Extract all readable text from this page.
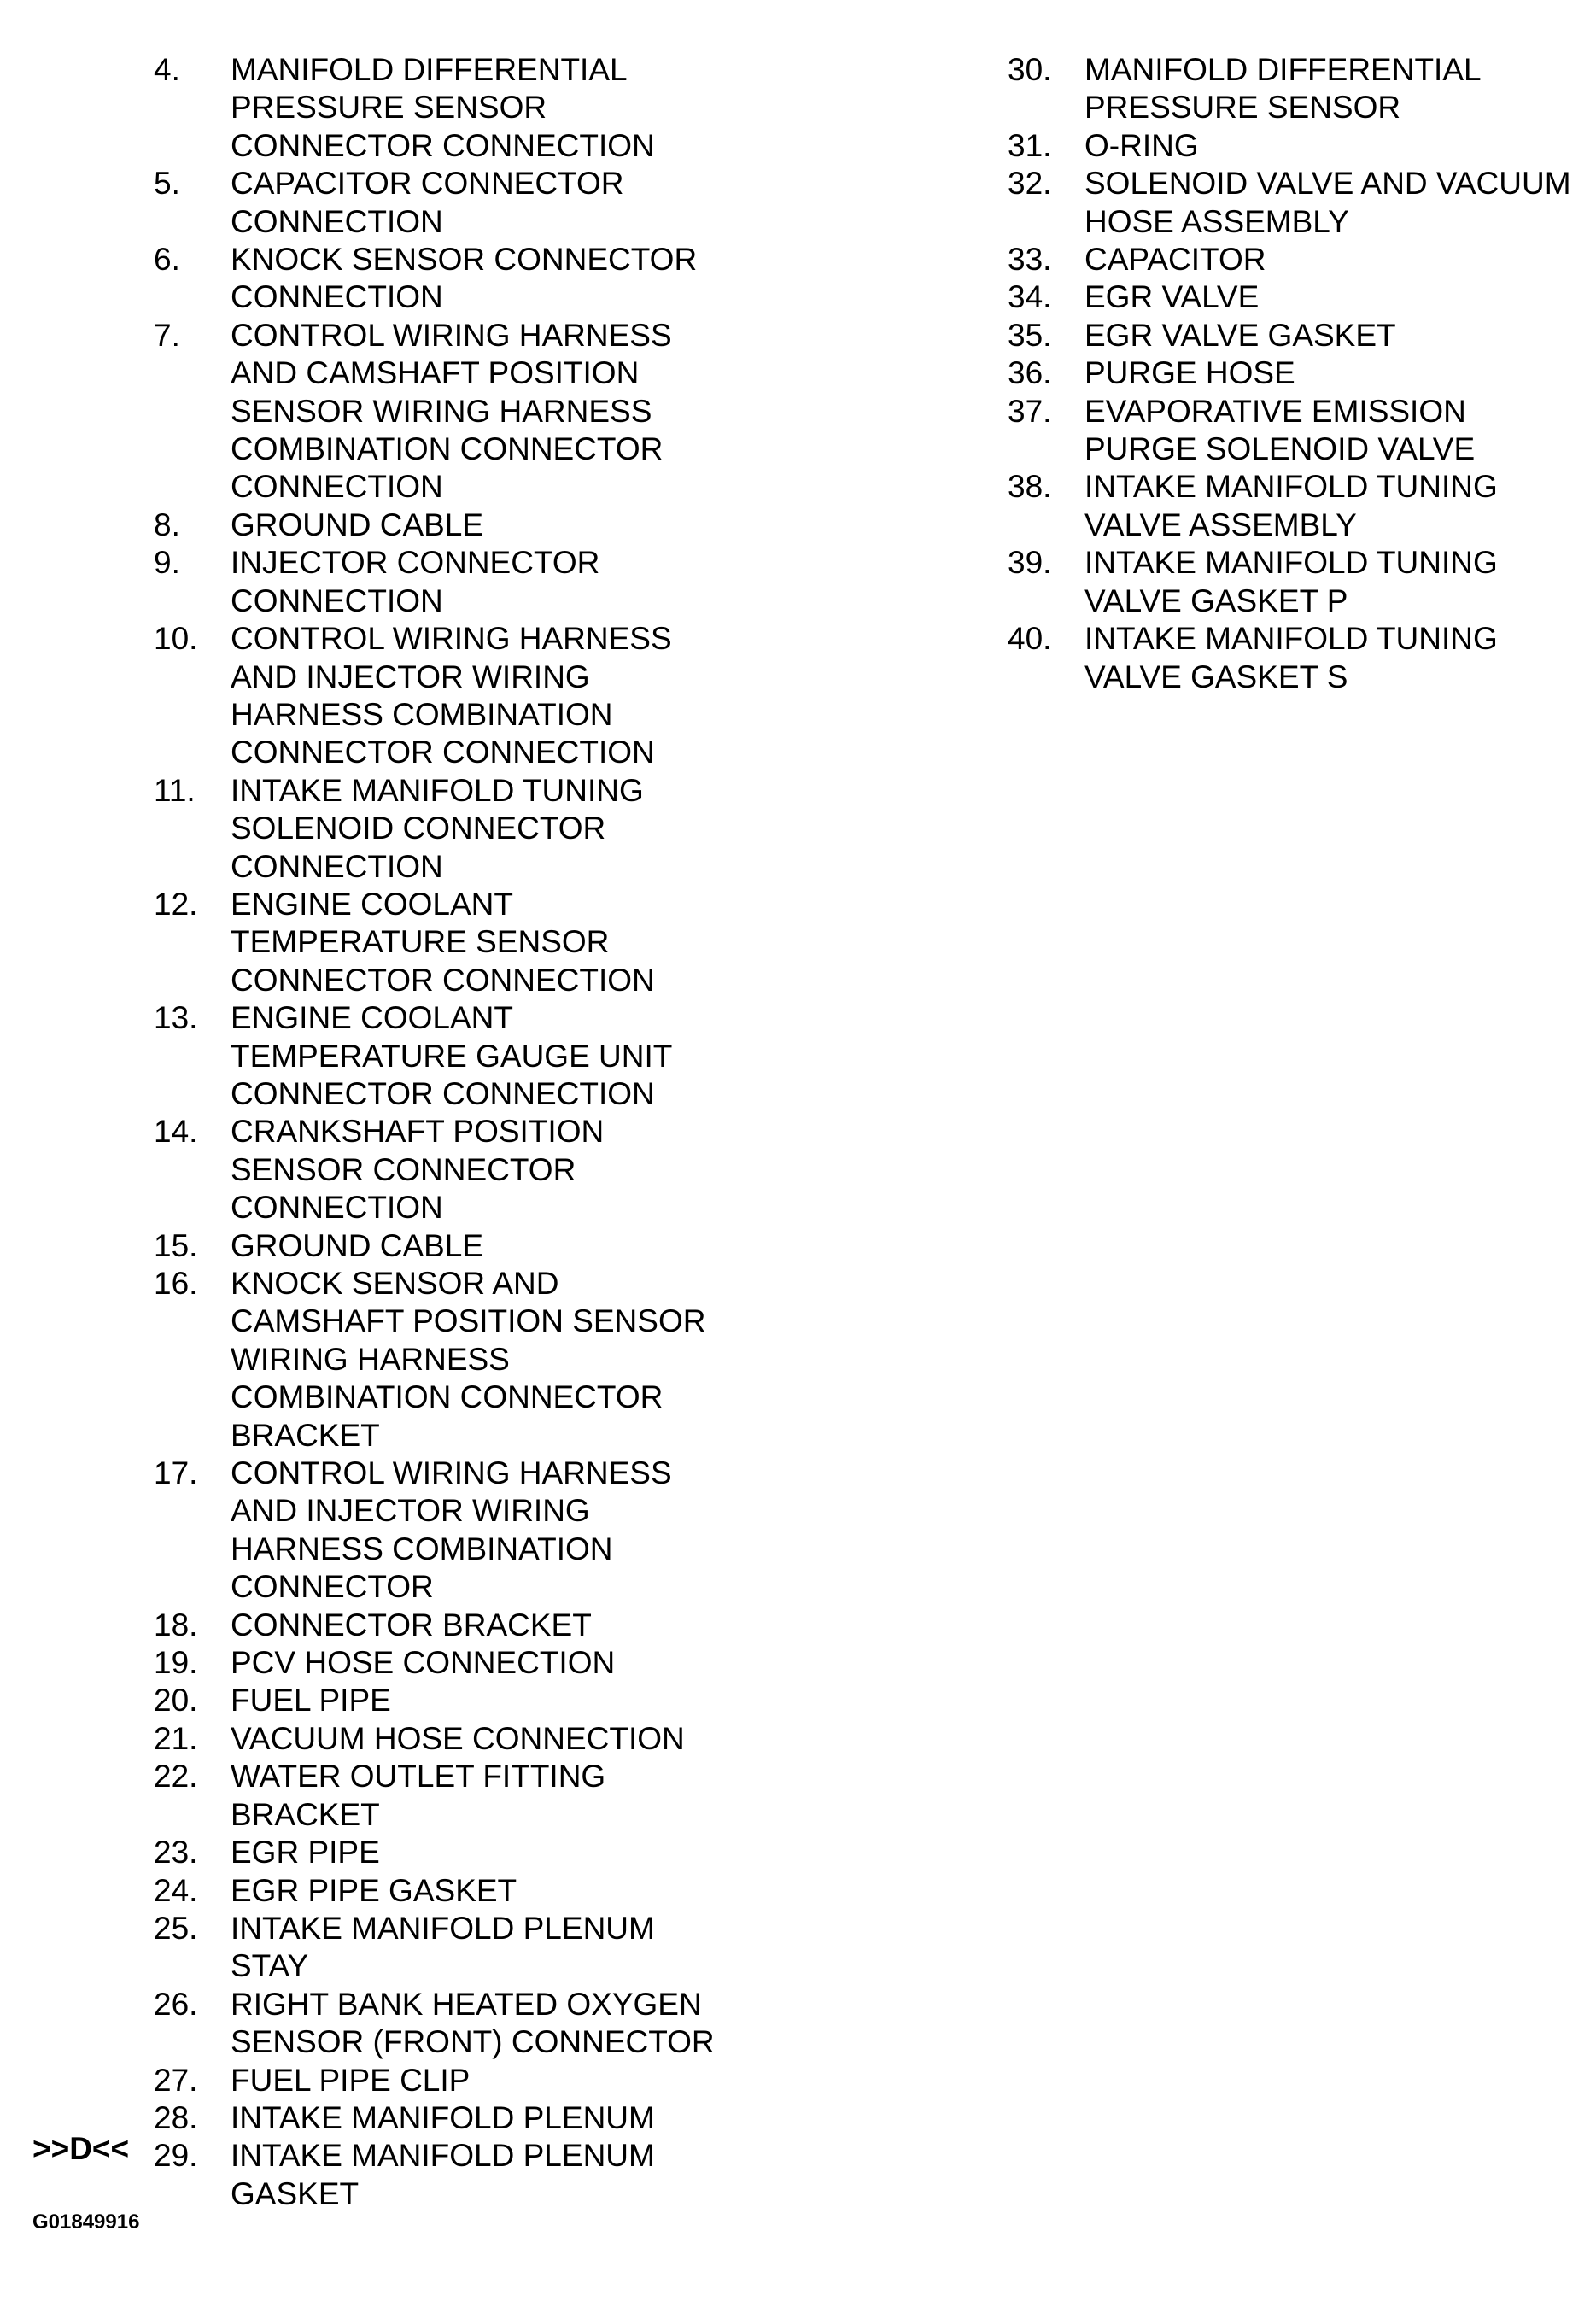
4.	MANIFOLD DIFFERENTIAL
PRESSURE SENSOR
CONNECTOR CONNECTION
5.	CAPACITOR CONNECTOR
CONNECTION
6.	KNOCK SENSOR CONNECTOR
CONNECTION
7.	CONTROL WIRING HARNESS
AND CAMSHAFT POSITION
SENSOR WIRING HARNESS
COMBINATION CONNECTOR
CONNECTION
8.	GROUND CABLE
9.	INJECTOR CONNECTOR
CONNECTION
10.	CONTROL WIRING HARNESS
AND INJECTOR WIRING
HARNESS COMBINATION
CONNECTOR CONNECTION
11.	INTAKE MANIFOLD TUNING
SOLENOID CONNECTOR
CONNECTION
12.	ENGINE COOLANT
TEMPERATURE SENSOR
CONNECTOR CONNECTION
13.	ENGINE COOLANT
TEMPERATURE GAUGE UNIT
CONNECTOR CONNECTION
14.	CRANKSHAFT POSITION
SENSOR CONNECTOR
CONNECTION
15.	GROUND CABLE
16.	KNOCK SENSOR AND
CAMSHAFT POSITION SENSOR
WIRING HARNESS
COMBINATION CONNECTOR
BRACKET
17.	CONTROL WIRING HARNESS
AND INJECTOR WIRING
HARNESS COMBINATION
CONNECTOR
18.	CONNECTOR BRACKET
19.	PCV HOSE CONNECTION
20.	FUEL PIPE
21.	VACUUM HOSE CONNECTION
22.	WATER OUTLET FITTING
BRACKET
23.	EGR PIPE
24.	EGR PIPE GASKET
25.	INTAKE MANIFOLD PLENUM
STAY
26.	RIGHT BANK HEATED OXYGEN
SENSOR (FRONT) CONNECTOR
27.	FUEL PIPE CLIP
28.	INTAKE MANIFOLD PLENUM
29.	INTAKE MANIFOLD PLENUM
GASKET
30.	MANIFOLD DIFFERENTIAL
PRESSURE SENSOR
31.	O-RING
32.	SOLENOID VALVE AND VACUUM
HOSE ASSEMBLY
33.	CAPACITOR
34.	EGR VALVE
35.	EGR VALVE GASKET
36.	PURGE HOSE
37.	EVAPORATIVE EMISSION
PURGE SOLENOID VALVE
38.	INTAKE MANIFOLD TUNING
VALVE ASSEMBLY
39.	INTAKE MANIFOLD TUNING
VALVE GASKET P
40.	INTAKE MANIFOLD TUNING
VALVE GASKET S
>>D<<
G01849916
